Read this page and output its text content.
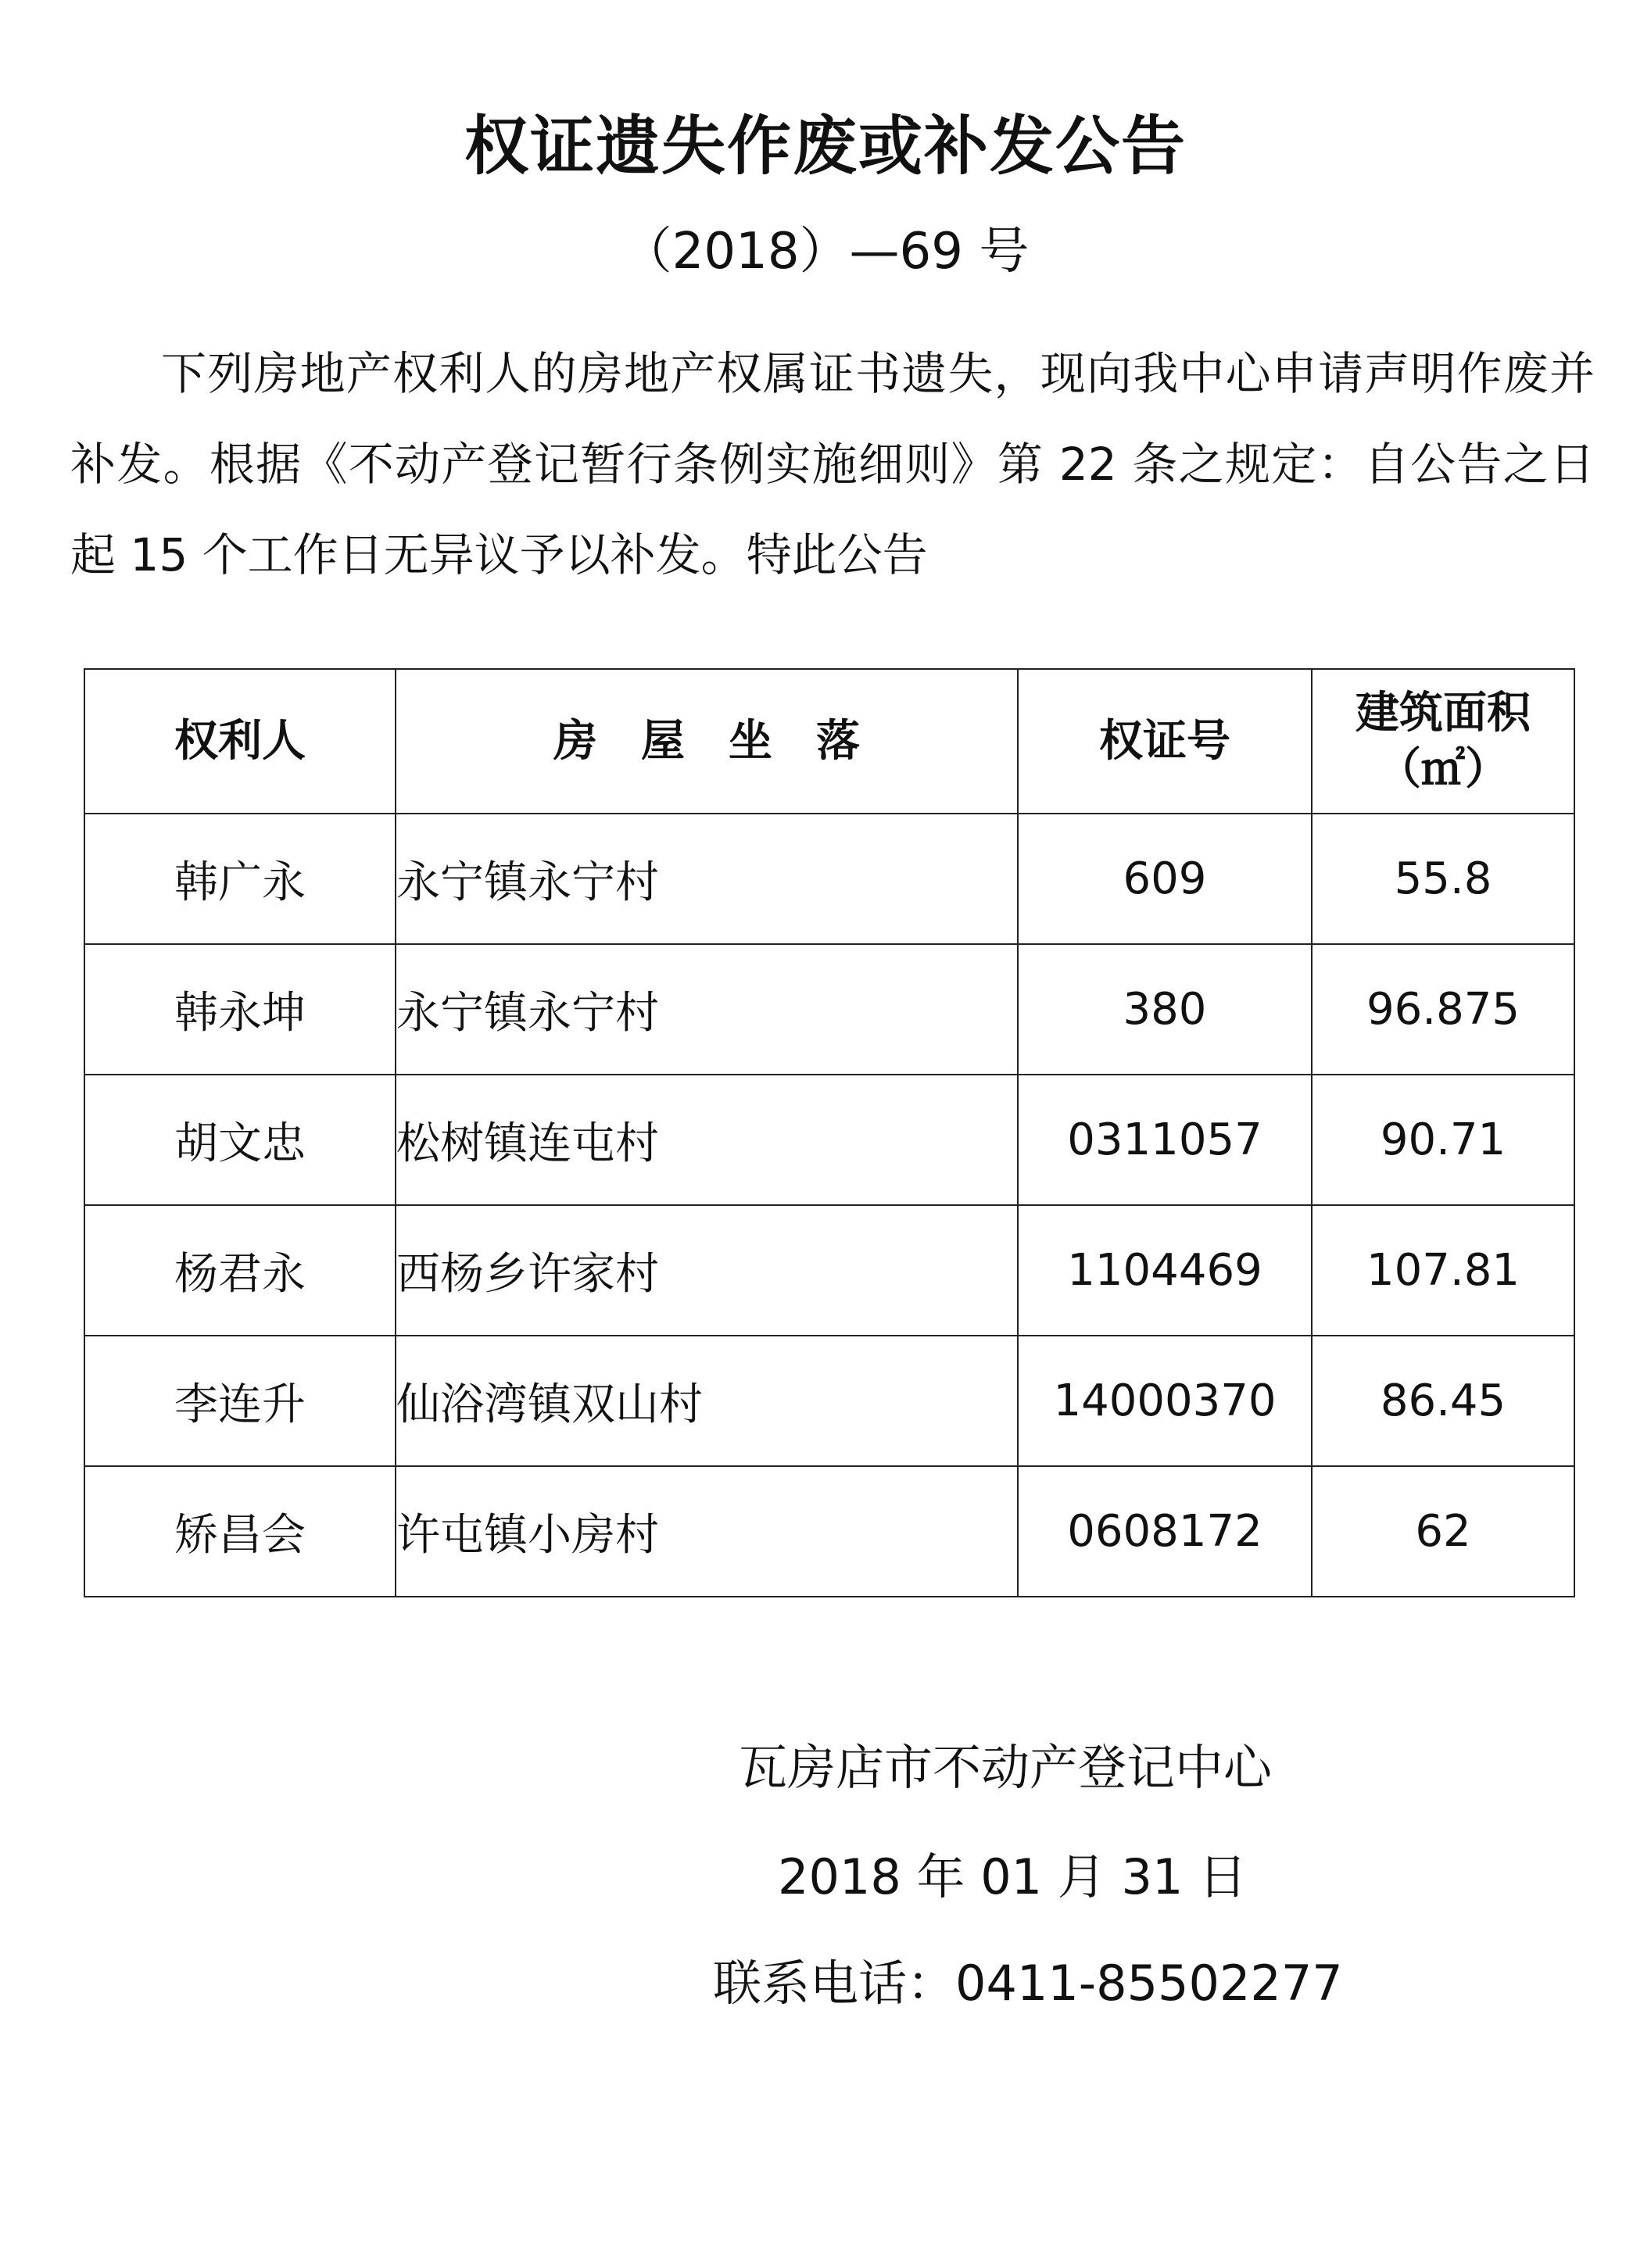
权证遗失作废或补发公告
（2018）—69 号
下列房地产权利人的房地产权属证书遗失，现向我中心申请声明作废并补发。根据《不动产登记暂行条例实施细则》第 22 条之规定：自公告之日起 15 个工作日无异议予以补发。特此公告
权利人	房　屋　坐　落	权证号	建筑面积
（㎡）

韩广永	永宁镇永宁村	609	55.8
韩永坤	永宁镇永宁村	380	96.875
胡文忠	松树镇连屯村	0311057	90.71
杨君永	西杨乡许家村	1104469	107.81
李连升	仙浴湾镇双山村	14000370	86.45
矫昌会	许屯镇小房村	0608172	62
瓦房店市不动产登记中心
2018 年 01 月 31 日
联系电话：0411-85502277
